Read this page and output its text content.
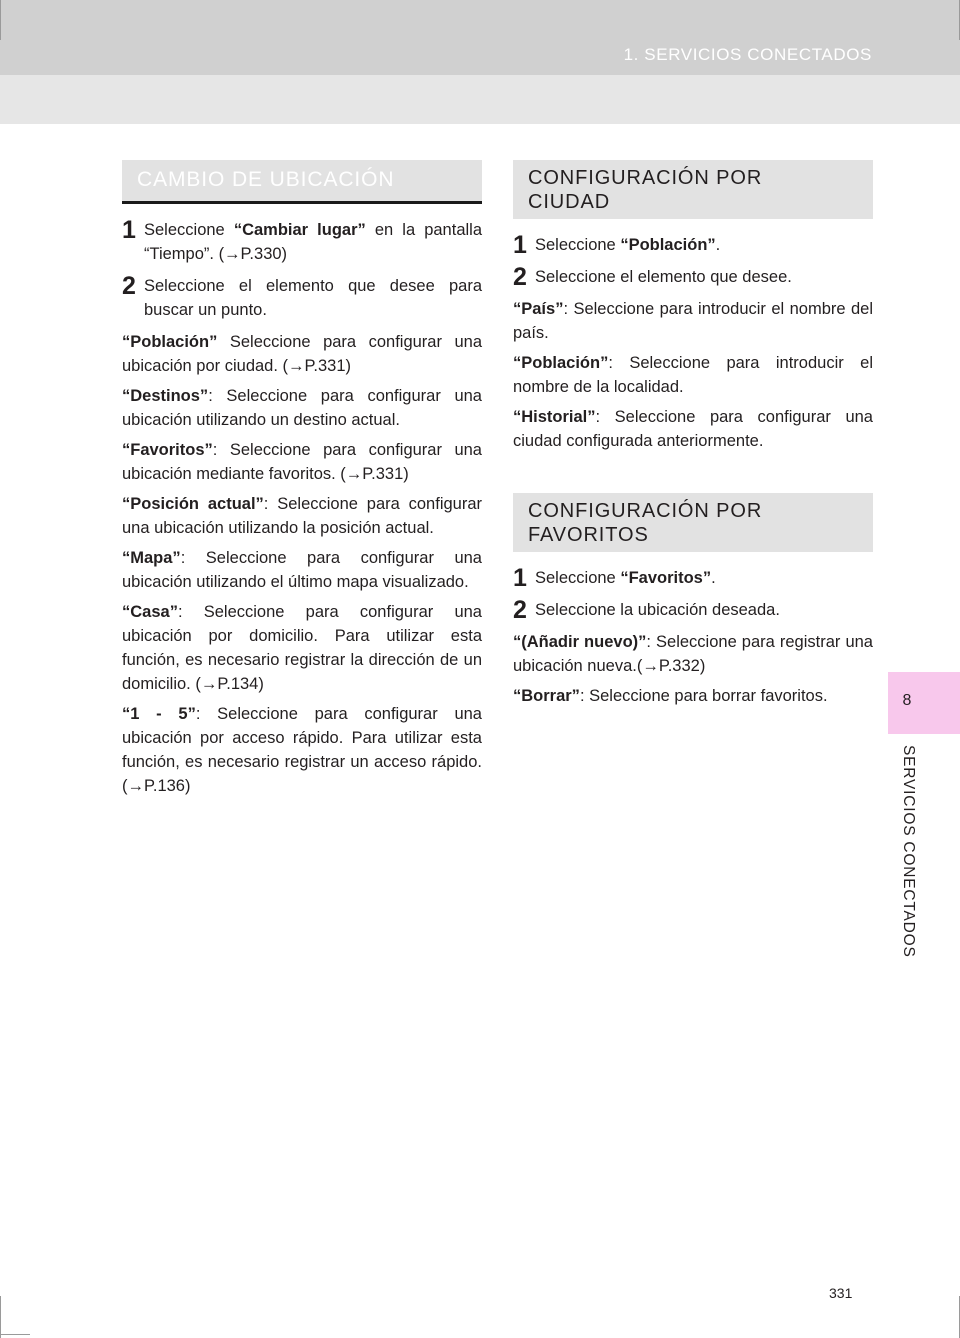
1. SERVICIOS CONECTADOS
8
SERVICIOS CONECTADOS
CAMBIO DE UBICACIÓN
1 Seleccione “Cambiar lugar” en la pantalla “Tiempo”. (→P.330)
2 Seleccione el elemento que desee para buscar un punto.

“Población” Seleccione para configurar una ubicación por ciudad. (→P.331)

“Destinos”: Seleccione para configurar una ubicación utilizando un destino actual.

“Favoritos”: Seleccione para configurar una ubicación mediante favoritos. (→P.331)

“Posición actual”: Seleccione para configurar una ubicación utilizando la posición actual.

“Mapa”: Seleccione para configurar una ubicación utilizando el último mapa visualizado.

“Casa”: Seleccione para configurar una ubicación por domicilio. Para utilizar esta función, es necesario registrar la dirección de un domicilio. (→P.134)

“1 - 5”: Seleccione para configurar una ubicación por acceso rápido. Para utilizar esta función, es necesario registrar un acceso rápido. (→P.136)

CONFIGURACIÓN POR
CIUDAD
1 Seleccione “Población”.
2 Seleccione el elemento que desee.

“País”: Seleccione para introducir el nombre del país.

“Población”: Seleccione para introducir el nombre de la localidad.

“Historial”: Seleccione para configurar una ciudad configurada anteriormente.

CONFIGURACIÓN POR
FAVORITOS
1 Seleccione “Favoritos”.
2 Seleccione la ubicación deseada.

“(Añadir nuevo)”: Seleccione para registrar una ubicación nueva.(→P.332)

“Borrar”: Seleccione para borrar favoritos.

331
